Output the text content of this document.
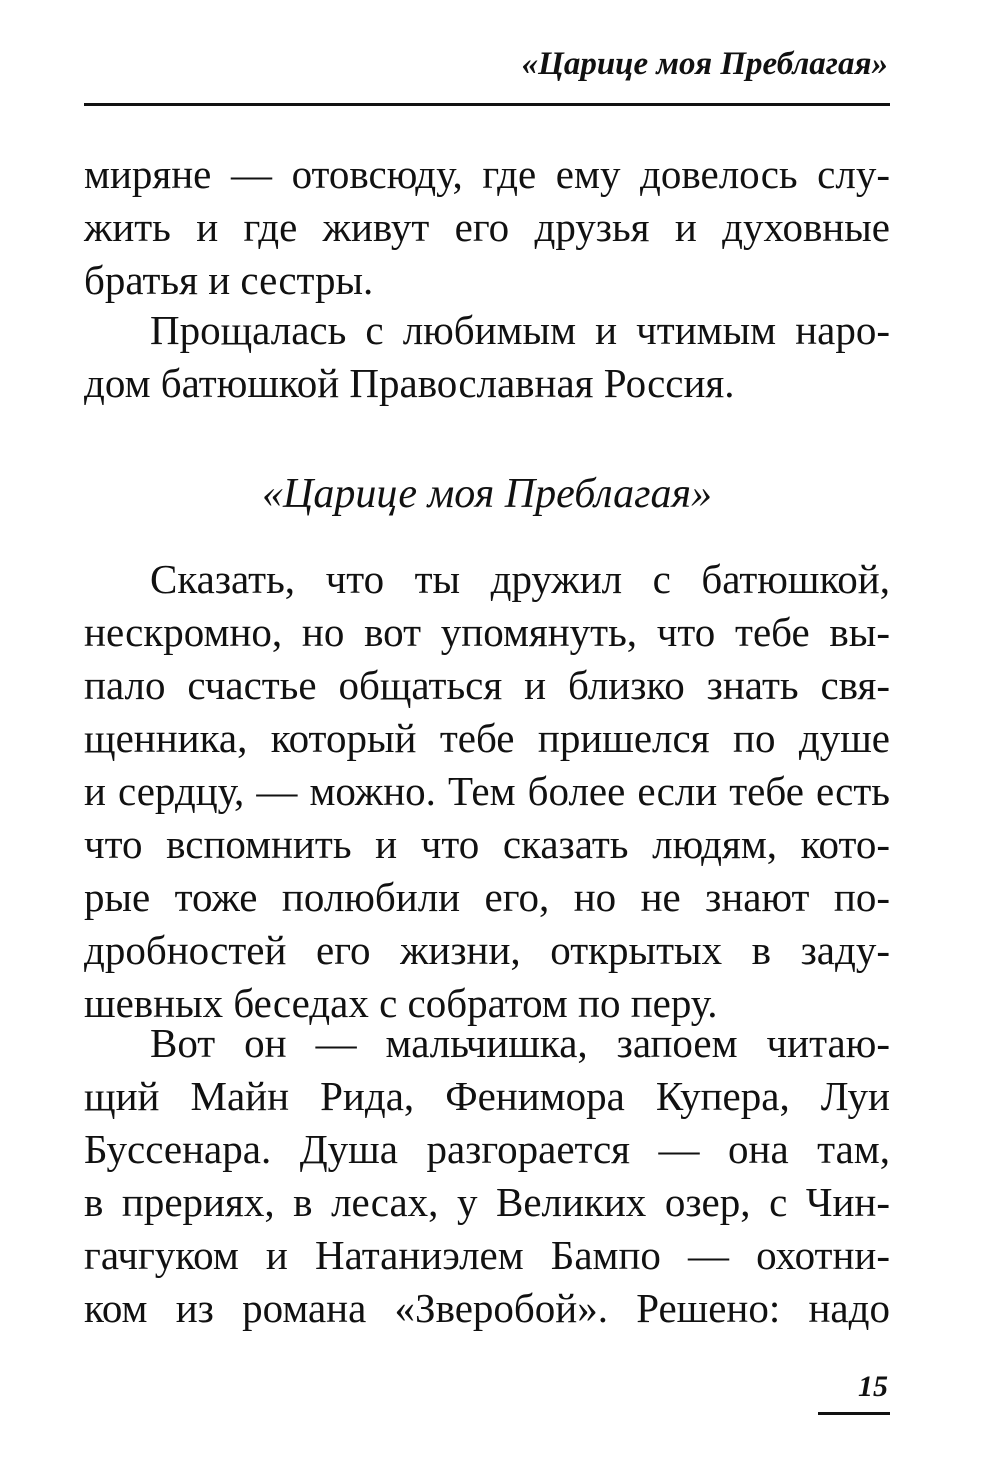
«Царице моя Преблагая»
миряне — отовсюду, где ему довелось слу-
жить и где живут его друзья и духовные
братья и сестры.
Прощалась с любимым и чтимым наро-
дом батюшкой Православная Россия.
«Царице моя Преблагая»
Сказать, что ты дружил с батюшкой,
нескромно, но вот упомянуть, что тебе вы-
пало счастье общаться и близко знать свя-
щенника, который тебе пришелся по душе
и сердцу, — можно. Тем более если тебе есть
что вспомнить и что сказать людям, кото-
рые тоже полюбили его, но не знают по-
дробностей его жизни, открытых в заду-
шевных беседах с собратом по перу.
Вот он — мальчишка, запоем читаю-
щий Майн Рида, Фенимора Купера, Луи
Буссенара. Душа разгорается — она там,
в прериях, в лесах, у Великих озер, с Чин-
гачгуком и Натаниэлем Бампо — охотни-
ком из романа «Зверобой». Решено: надо
15
